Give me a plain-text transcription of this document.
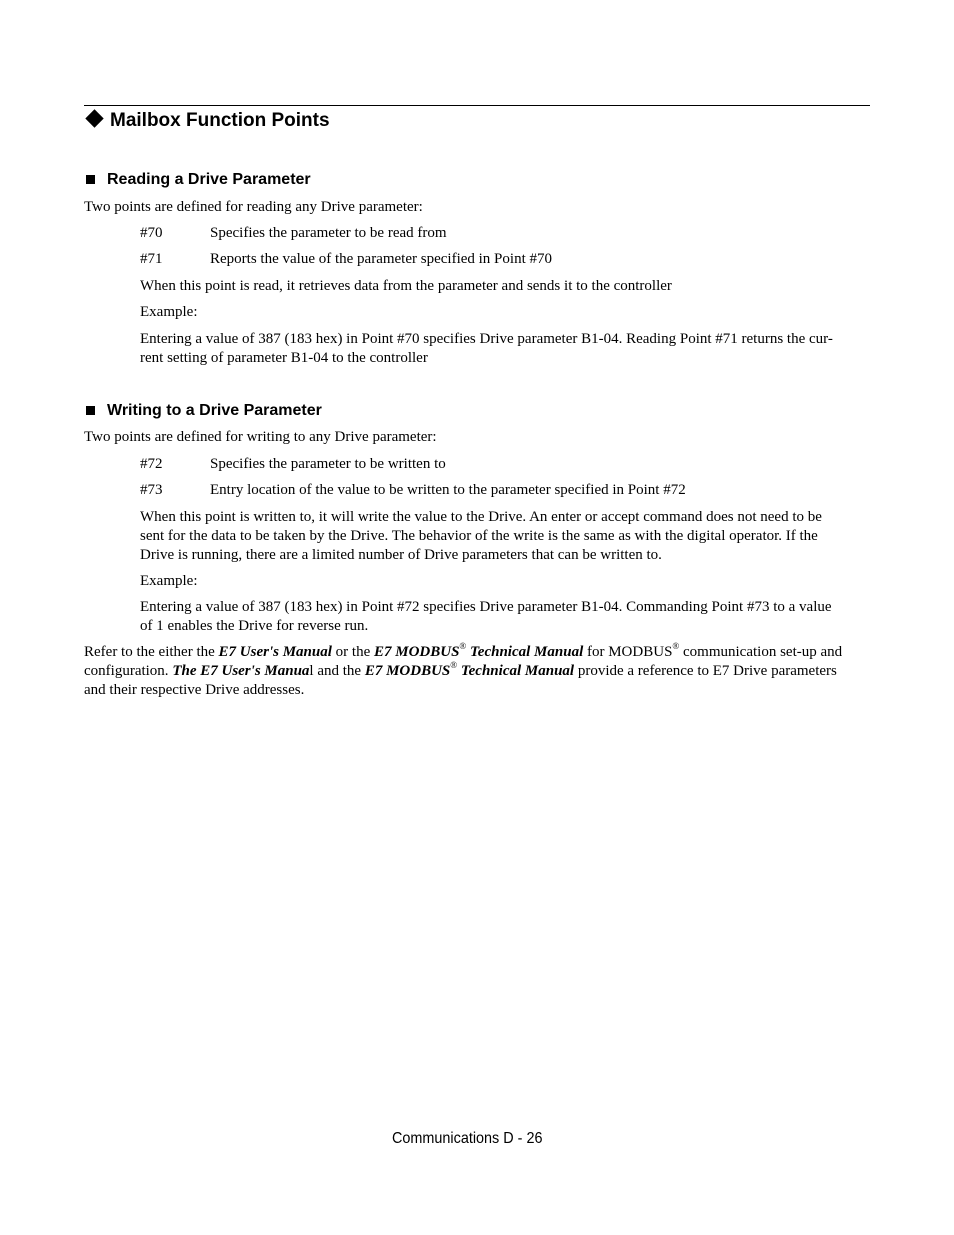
Mailbox Function Points
Reading a Drive Parameter
Two points are defined for reading any Drive parameter:
#70	Specifies the parameter to be read from
#71	Reports the value of the parameter specified in Point #70
When this point is read, it retrieves data from the parameter and sends it to the controller
Example:
Entering a value of 387 (183 hex) in Point #70 specifies Drive parameter B1-04. Reading Point #71 returns the cur-
rent setting of parameter B1-04 to the controller
Writing to a Drive Parameter
Two points are defined for writing to any Drive parameter:
#72	Specifies the parameter to be written to
#73	Entry location of the value to be written to the parameter specified in Point #72
When this point is written to, it will write the value to the Drive. An enter or accept command does not need to be
sent for the data to be taken by the Drive. The behavior of the write is the same as with the digital operator. If the
Drive is running, there are a limited number of Drive parameters that can be written to.
Example:
Entering a value of 387 (183 hex) in Point #72 specifies Drive parameter B1-04. Commanding Point #73 to a value
of 1 enables the Drive for reverse run.
Refer to the either the E7 User's Manual or the E7 MODBUS® Technical Manual for MODBUS® communication set-up and
configuration. The E7 User's Manual and the E7 MODBUS® Technical Manual provide a reference to E7 Drive parameters
and their respective Drive addresses.
Communications D - 26
